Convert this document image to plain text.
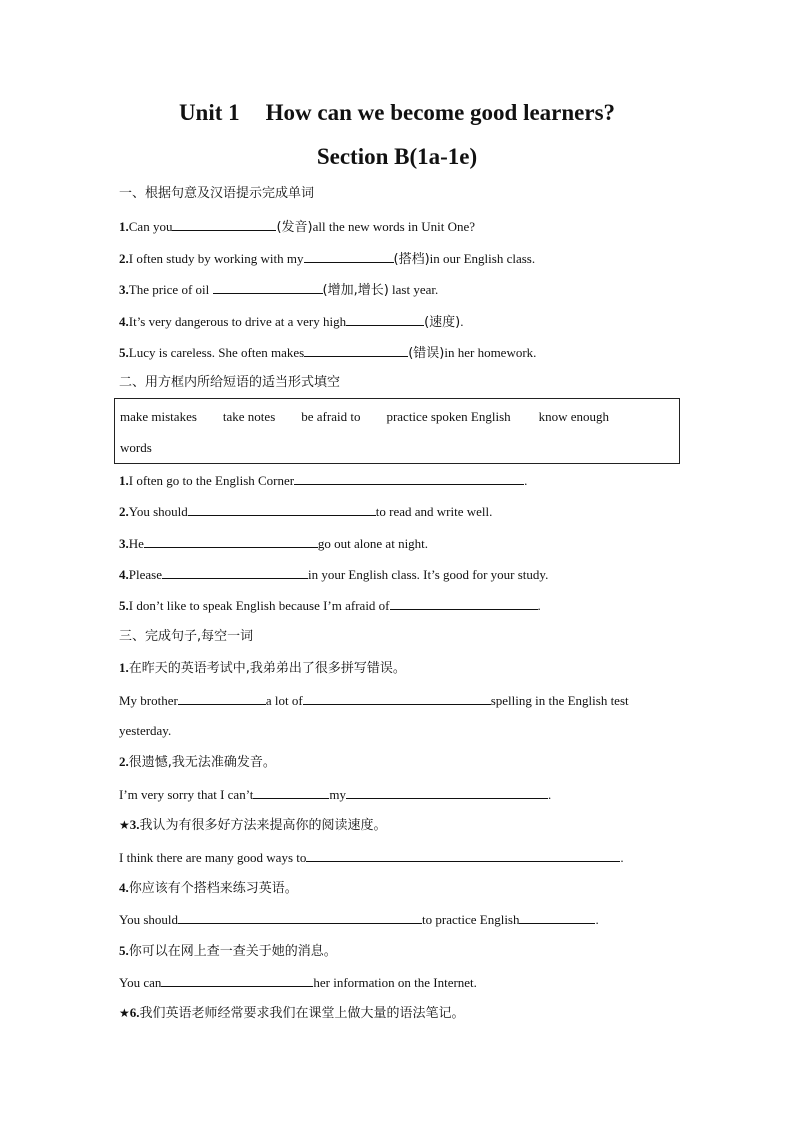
Unit 1 How can we become good learners?
Section B(1a-1e)
一、根据句意及汉语提示完成单词
1.Can you	(发音)all the new words in Unit One?
2.I often study by working with my	(搭档)in our English class.
3.The price of oil	(增加,增长) last year.
4.It’s very dangerous to drive at a very high	(速度).
5.Lucy is careless. She often makes	(错误)in her homework.
二、用方框内所给短语的适当形式填空
make mistakes take notes be afraid to practice spoken English know enough
words
1.I often go to the English Corner	.
2.You should	to read and write well.
3.He	go out alone at night.
4.Please	in your English class. It’s good for your study.
5.I don’t like to speak English because I’m afraid of	.
三、完成句子,每空一词
1.在昨天的英语考试中,我弟弟出了很多拼写错误。
My brother	a lot of	spelling in the English test
yesterday.
2.很遗憾,我无法准确发音。
I’m very sorry that I can’t	my	.
★3.我认为有很多好方法来提高你的阅读速度。
I think there are many good ways to	.
4.你应该有个搭档来练习英语。
You should	to practice English	.
5.你可以在网上查一查关于她的消息。
You can	her information on the Internet.
★6.我们英语老师经常要求我们在课堂上做大量的语法笔记。
